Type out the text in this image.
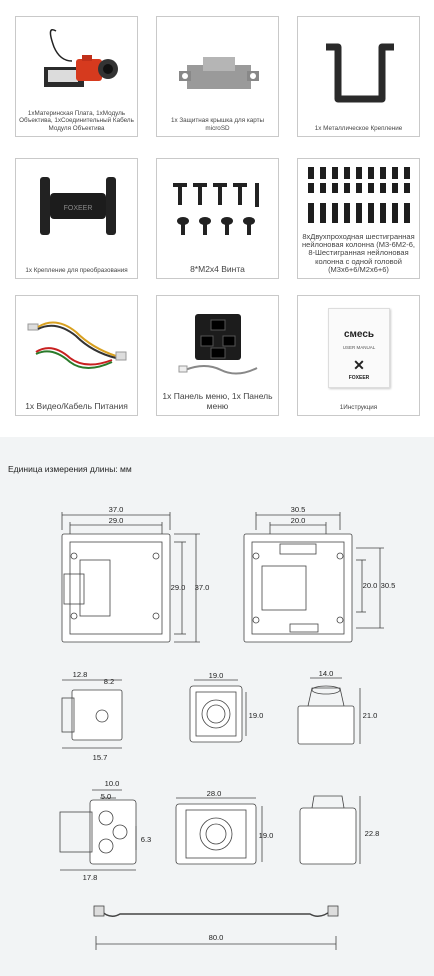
1хМатеринская Плата, 1хМодуль Объектива, 1хСоединительный Кабель Модуля Объектива
1х Защитная крышка для карты microSD	1х Металлическое Крепление
FOXEER
1х Крепление для преобразования	8*M2x4 Винта
8хДвухпроходная шестигранная нейлоновая колонна (M3-6M2-6, 8-Шестигранная нейлоновая колонна с одной головой (M3x6+6/M2x6+6)
1х Видео/Кабель Питания
1х Панель меню, 1х Панель меню
смесь
USER MANUAL
✕
FOXEER
1Инструкция
Единица измерения длины: мм
37.0
29.0
29.0 37.0
30.5
20.0
20.0 30.5
12.8
8.2
15.7
19.0
19.0
14.0
21.0
10.0
5.0
6.3
17.8
28.0
19.0	22.8
80.0
